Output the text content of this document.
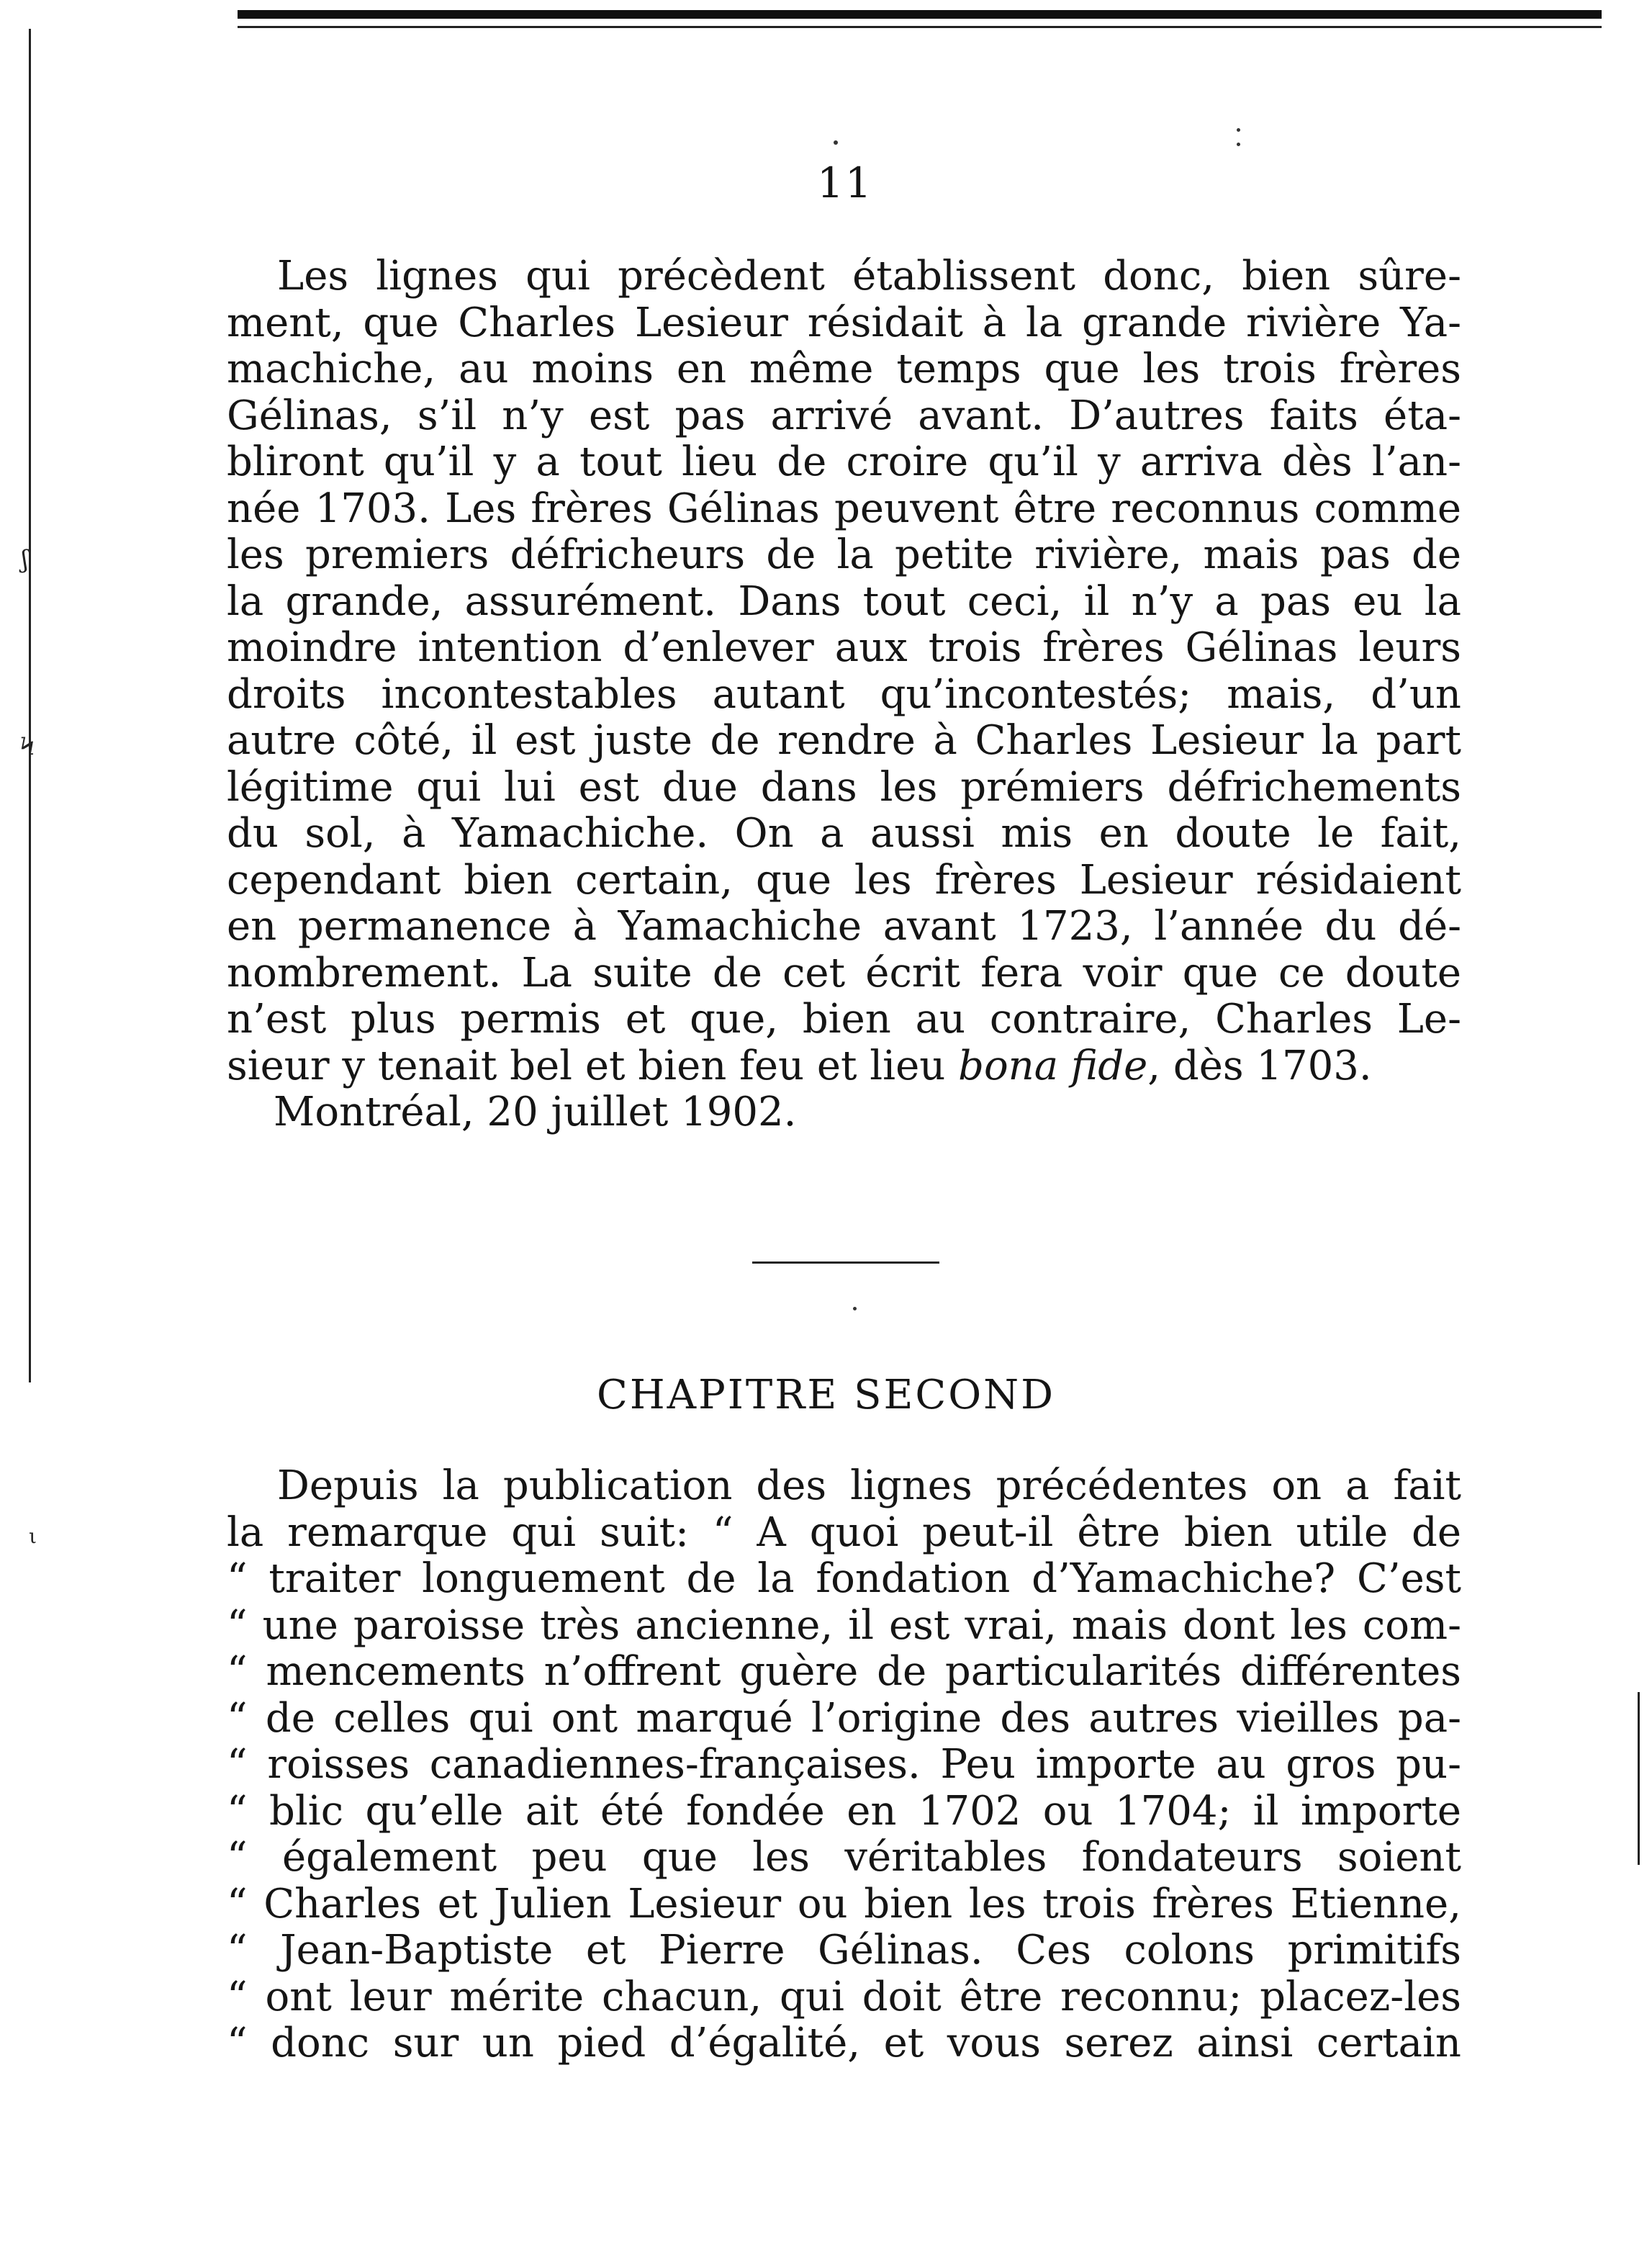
ʃ
Ϟ
ι
11
Les lignes qui précèdent établissent donc, bien sûre-
ment, que Charles Lesieur résidait à la grande rivière Ya-
machiche, au moins en même temps que les trois frères
Gélinas, s’il n’y est pas arrivé avant. D’autres faits éta-
bliront qu’il y a tout lieu de croire qu’il y arriva dès l’an-
née 1703. Les frères Gélinas peuvent être reconnus comme
les premiers défricheurs de la petite rivière, mais pas de
la grande, assurément. Dans tout ceci, il n’y a pas eu la
moindre intention d’enlever aux trois frères Gélinas leurs
droits incontestables autant qu’incontestés; mais, d’un
autre côté, il est juste de rendre à Charles Lesieur la part
légitime qui lui est due dans les prémiers défrichements
du sol, à Yamachiche. On a aussi mis en doute le fait,
cependant bien certain, que les frères Lesieur résidaient
en permanence à Yamachiche avant 1723, l’année du dé-
nombrement. La suite de cet écrit fera voir que ce doute
n’est plus permis et que, bien au contraire, Charles Le-
sieur y tenait bel et bien feu et lieu bona fide, dès 1703.
Montréal, 20 juillet 1902.
CHAPITRE SECOND
Depuis la publication des lignes précédentes on a fait
la remarque qui suit: “ A quoi peut-il être bien utile de
“ traiter longuement de la fondation d’Yamachiche? C’est
“ une paroisse très ancienne, il est vrai, mais dont les com-
“ mencements n’offrent guère de particularités différentes
“ de celles qui ont marqué l’origine des autres vieilles pa-
“ roisses canadiennes-françaises. Peu importe au gros pu-
“ blic qu’elle ait été fondée en 1702 ou 1704; il importe
“ également peu que les véritables fondateurs soient
“ Charles et Julien Lesieur ou bien les trois frères Etienne,
“ Jean-Baptiste et Pierre Gélinas. Ces colons primitifs
“ ont leur mérite chacun, qui doit être reconnu; placez-les
“ donc sur un pied d’égalité, et vous serez ainsi certain
